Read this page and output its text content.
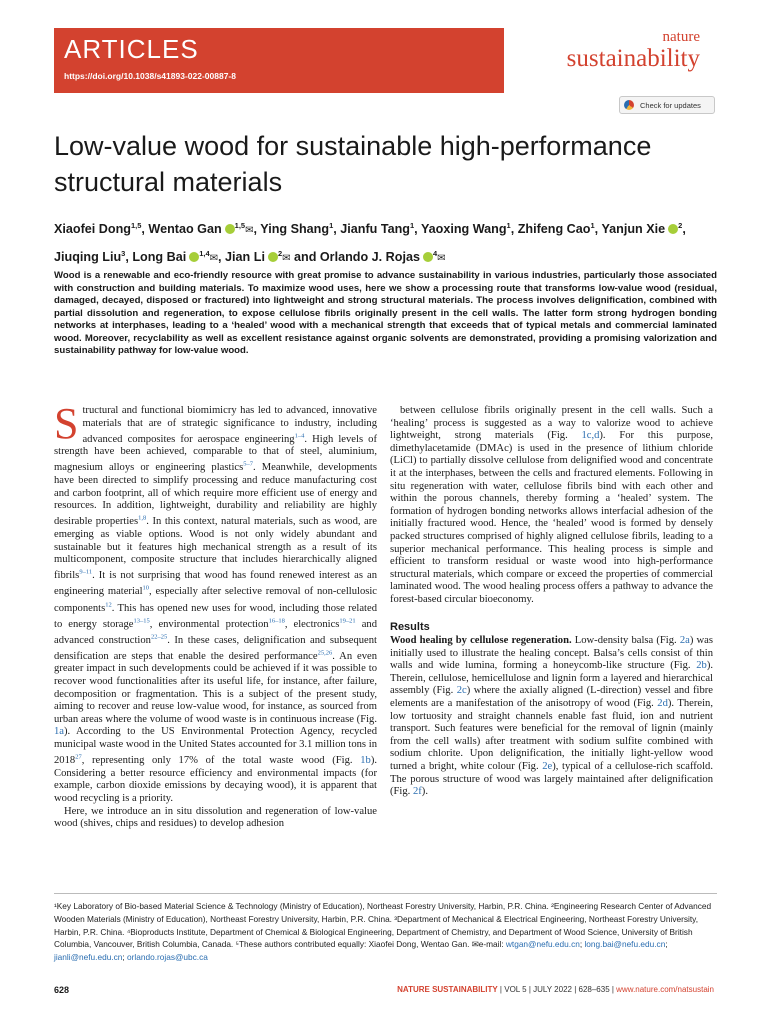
ARTICLES
https://doi.org/10.1038/s41893-022-00887-8
nature
sustainability
Check for updates
Low-value wood for sustainable high-performance structural materials
Xiaofei Dong$^{1,5}$, Wentao Gan $^{1,5}$✉, Ying Shang$^1$, Jianfu Tang$^1$, Yaoxing Wang$^1$, Zhifeng Cao$^1$, Yanjun Xie $^2$, Jiuqing Liu$^3$, Long Bai $^{1,4}$✉, Jian Li $^2$✉ and Orlando J. Rojas $^4$✉

Wood is a renewable and eco-friendly resource with great promise to advance sustainability in various industries, particularly those associated with construction and building materials. To maximize wood uses, here we show a processing route that transforms low-value wood (residual, damaged, decayed, disposed or fractured) into lightweight and strong structural materials. The process involves delignification, combined with partial dissolution and regeneration, to expose cellulose fibrils originally present in the cell walls. The latter form strong hydrogen bonding networks at interphases, leading to a ‘healed’ wood with a mechanical strength that exceeds that of typical metals and commercial laminated wood. Moreover, recyclability as well as excellent resistance against organic solvents are demonstrated, providing a promising valorization and sustainability pathway for low-value wood.

Structural and functional biomimicry has led to advanced, innovative materials that are of strategic significance to industry, including advanced composites for aerospace engineering$^{1-4}$. High levels of strength have been achieved, comparable to that of steel, aluminium, magnesium alloys or engineering plastics$^{5-7}$. Meanwhile, developments have been directed to simplify processing and reduce manufacturing cost and carbon footprint, all of which require more efficient use of energy and resources. In addition, lightweight, durability and reliability are highly desirable properties$^{1,8}$. In this context, natural materials, such as wood, are emerging as viable options. Wood is not only widely abundant and sustainable but it features high mechanical strength as a result of its multicomponent, composite structure that includes hierarchically aligned fibrils$^{9-11}$. It is not surprising that wood has found renewed interest as an engineering material$^{10}$, especially after selective removal of non-cellulosic components$^{12}$. This has opened new uses for wood, including those related to energy storage$^{13-15}$, environmental protection$^{16-18}$, electronics$^{19-21}$ and advanced construction$^{22-25}$. In these cases, delignification and subsequent densification are steps that enable the desired performance$^{25,26}$. An even greater impact in such developments could be achieved if it was possible to recover wood functionalities after its useful life, for instance, after failure, decomposition or fragmentation. This is a subject of the present study, aiming to recover and reuse low-value wood, for instance, as sourced from urban areas where the volume of wood waste is in continuous increase (Fig. 1a). According to the US Environmental Protection Agency, recycled municipal waste wood in the United States accounted for 3.1 million tons in 2018$^{27}$, representing only 17% of the total waste wood (Fig. 1b). Considering a better resource efficiency and environmental impacts (for example, carbon dioxide emissions by decaying wood), it is apparent that wood recycling is a priority.

Here, we introduce an in situ dissolution and regeneration of low-value wood (shives, chips and residues) to develop adhesion

between cellulose fibrils originally present in the cell walls. Such a ‘healing’ process is suggested as a way to valorize wood to achieve lightweight, strong materials (Fig. 1c,d). For this purpose, dimethylacetamide (DMAc) is used in the presence of lithium chloride (LiCl) to partially dissolve cellulose from delignified wood and concentrate it at the interphases, between the cells and fractured elements. Following in situ regeneration with water, cellulose fibrils bind with each other and within the porous channels, thereby forming a ‘healed’ system. The formation of hydrogen bonding networks allows interfacial adhesion of the initially fractured wood. Hence, the ‘healed’ wood is formed by densely packed structures comprised of highly aligned cellulose fibrils, leading to a superior mechanical performance. This healing process is simple and efficient to transform residual or waste wood into high-performance structural materials, which compare or exceed the properties of commercial laminated wood. The wood healing process offers a pathway to advance the forest-based circular bioeconomy.

Results

Wood healing by cellulose regeneration. Low-density balsa (Fig. 2a) was initially used to illustrate the healing concept. Balsa’s cells consist of thin walls and wide lumina, forming a honeycomb-like structure (Fig. 2b). Therein, cellulose, hemicellulose and lignin form a layered and hierarchical assembly (Fig. 2c) where the axially aligned (L-direction) vessel and fibre elements are a manifestation of the anisotropy of wood (Fig. 2d). Therein, low tortuosity and straight channels enable fast fluid, ion and nutrient transport. Such features were beneficial for the removal of lignin (mainly from the cell walls) after treatment with sodium sulfite combined with sodium chlorite. Upon delignification, the initially light-yellow wood turned a bright, white colour (Fig. 2e), typical of a cellulose-rich scaffold. The porous structure of wood was largely maintained after delignification (Fig. 2f).

¹Key Laboratory of Bio-based Material Science & Technology (Ministry of Education), Northeast Forestry University, Harbin, P.R. China. ²Engineering Research Center of Advanced Wooden Materials (Ministry of Education), Northeast Forestry University, Harbin, P.R. China. ³Department of Mechanical & Electrical Engineering, Northeast Forestry University, Harbin, P.R. China. ⁴Bioproducts Institute, Department of Chemical & Biological Engineering, Department of Chemistry, and Department of Wood Science, University of British Columbia, Vancouver, British Columbia, Canada. ⁵These authors contributed equally: Xiaofei Dong, Wentao Gan. ✉e-mail: wtgan@nefu.edu.cn; long.bai@nefu.edu.cn; jianli@nefu.edu.cn; orlando.rojas@ubc.ca
628	NATURE SUSTAINABILITY | VOL 5 | JULY 2022 | 628–635 | www.nature.com/natsustain
